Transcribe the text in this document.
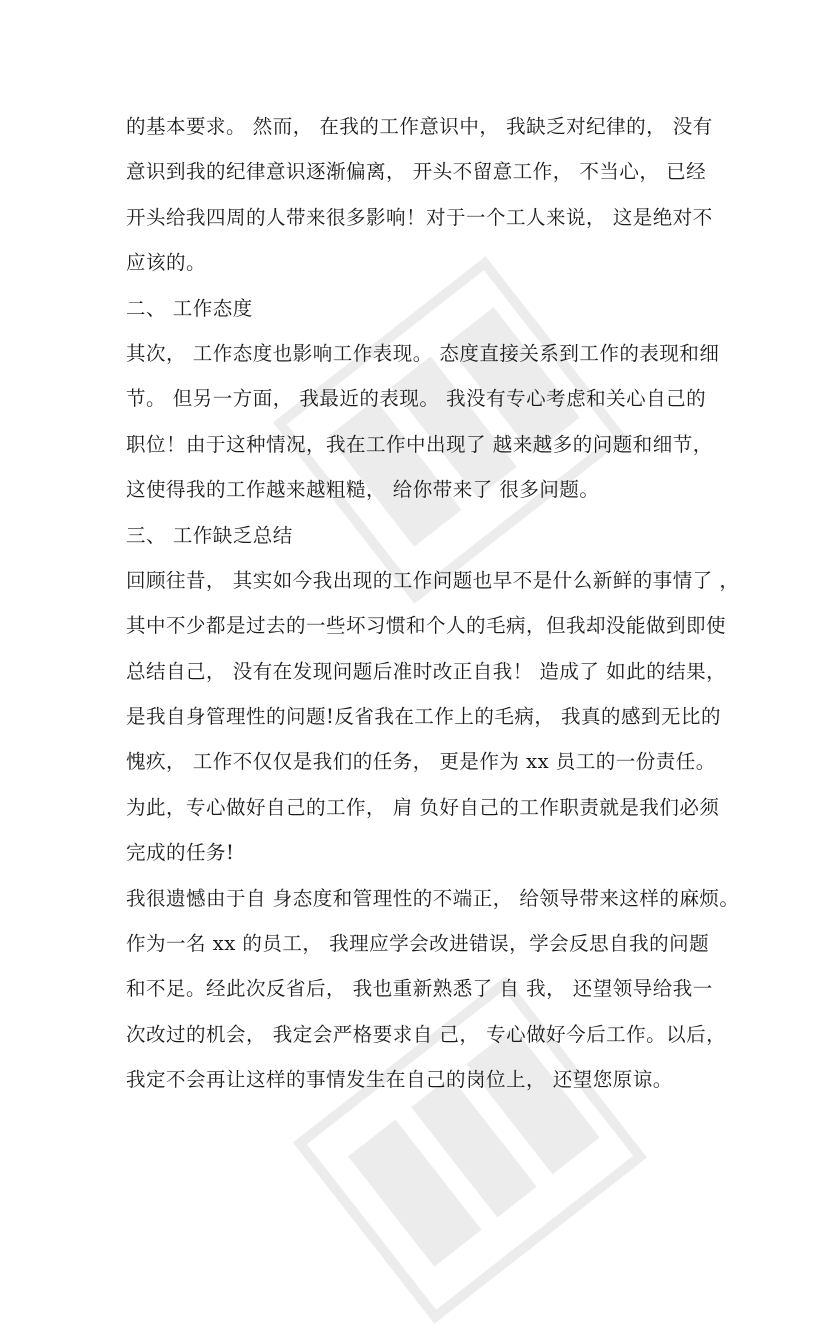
的基本要求。 然而， 在我的工作意识中， 我缺乏对纪律的， 没有
意识到我的纪律意识逐渐偏离， 开头不留意工作， 不当心， 已经
开头给我四周的人带来很多影响！对于一个工人来说， 这是绝对不
应该的。
二、 工作态度
其次， 工作态度也影响工作表现。 态度直接关系到工作的表现和细
节。 但另一方面， 我最近的表现。 我没有专心考虑和关心自己的
职位！由于这种情况，我在工作中出现了 越来越多的问题和细节，
这使得我的工作越来越粗糙， 给你带来了 很多问题。
三、 工作缺乏总结
回顾往昔， 其实如今我出现的工作问题也早不是什么新鲜的事情了 ，
其中不少都是过去的一些坏习惯和个人的毛病，但我却没能做到即使
总结自己， 没有在发现问题后准时改正自我！ 造成了 如此的结果，
是我自身管理性的问题!反省我在工作上的毛病， 我真的感到无比的
愧疚， 工作不仅仅是我们的任务， 更是作为 xx 员工的一份责任。
为此，专心做好自己的工作， 肩 负好自己的工作职责就是我们必须
完成的任务!
我很遗憾由于自 身态度和管理性的不端正， 给领导带来这样的麻烦。
作为一名 xx 的员工， 我理应学会改进错误，学会反思自我的问题
和不足。经此次反省后， 我也重新熟悉了 自 我， 还望领导给我一
次改过的机会， 我定会严格要求自 己， 专心做好今后工作。以后，
我定不会再让这样的事情发生在自己的岗位上， 还望您原谅。
